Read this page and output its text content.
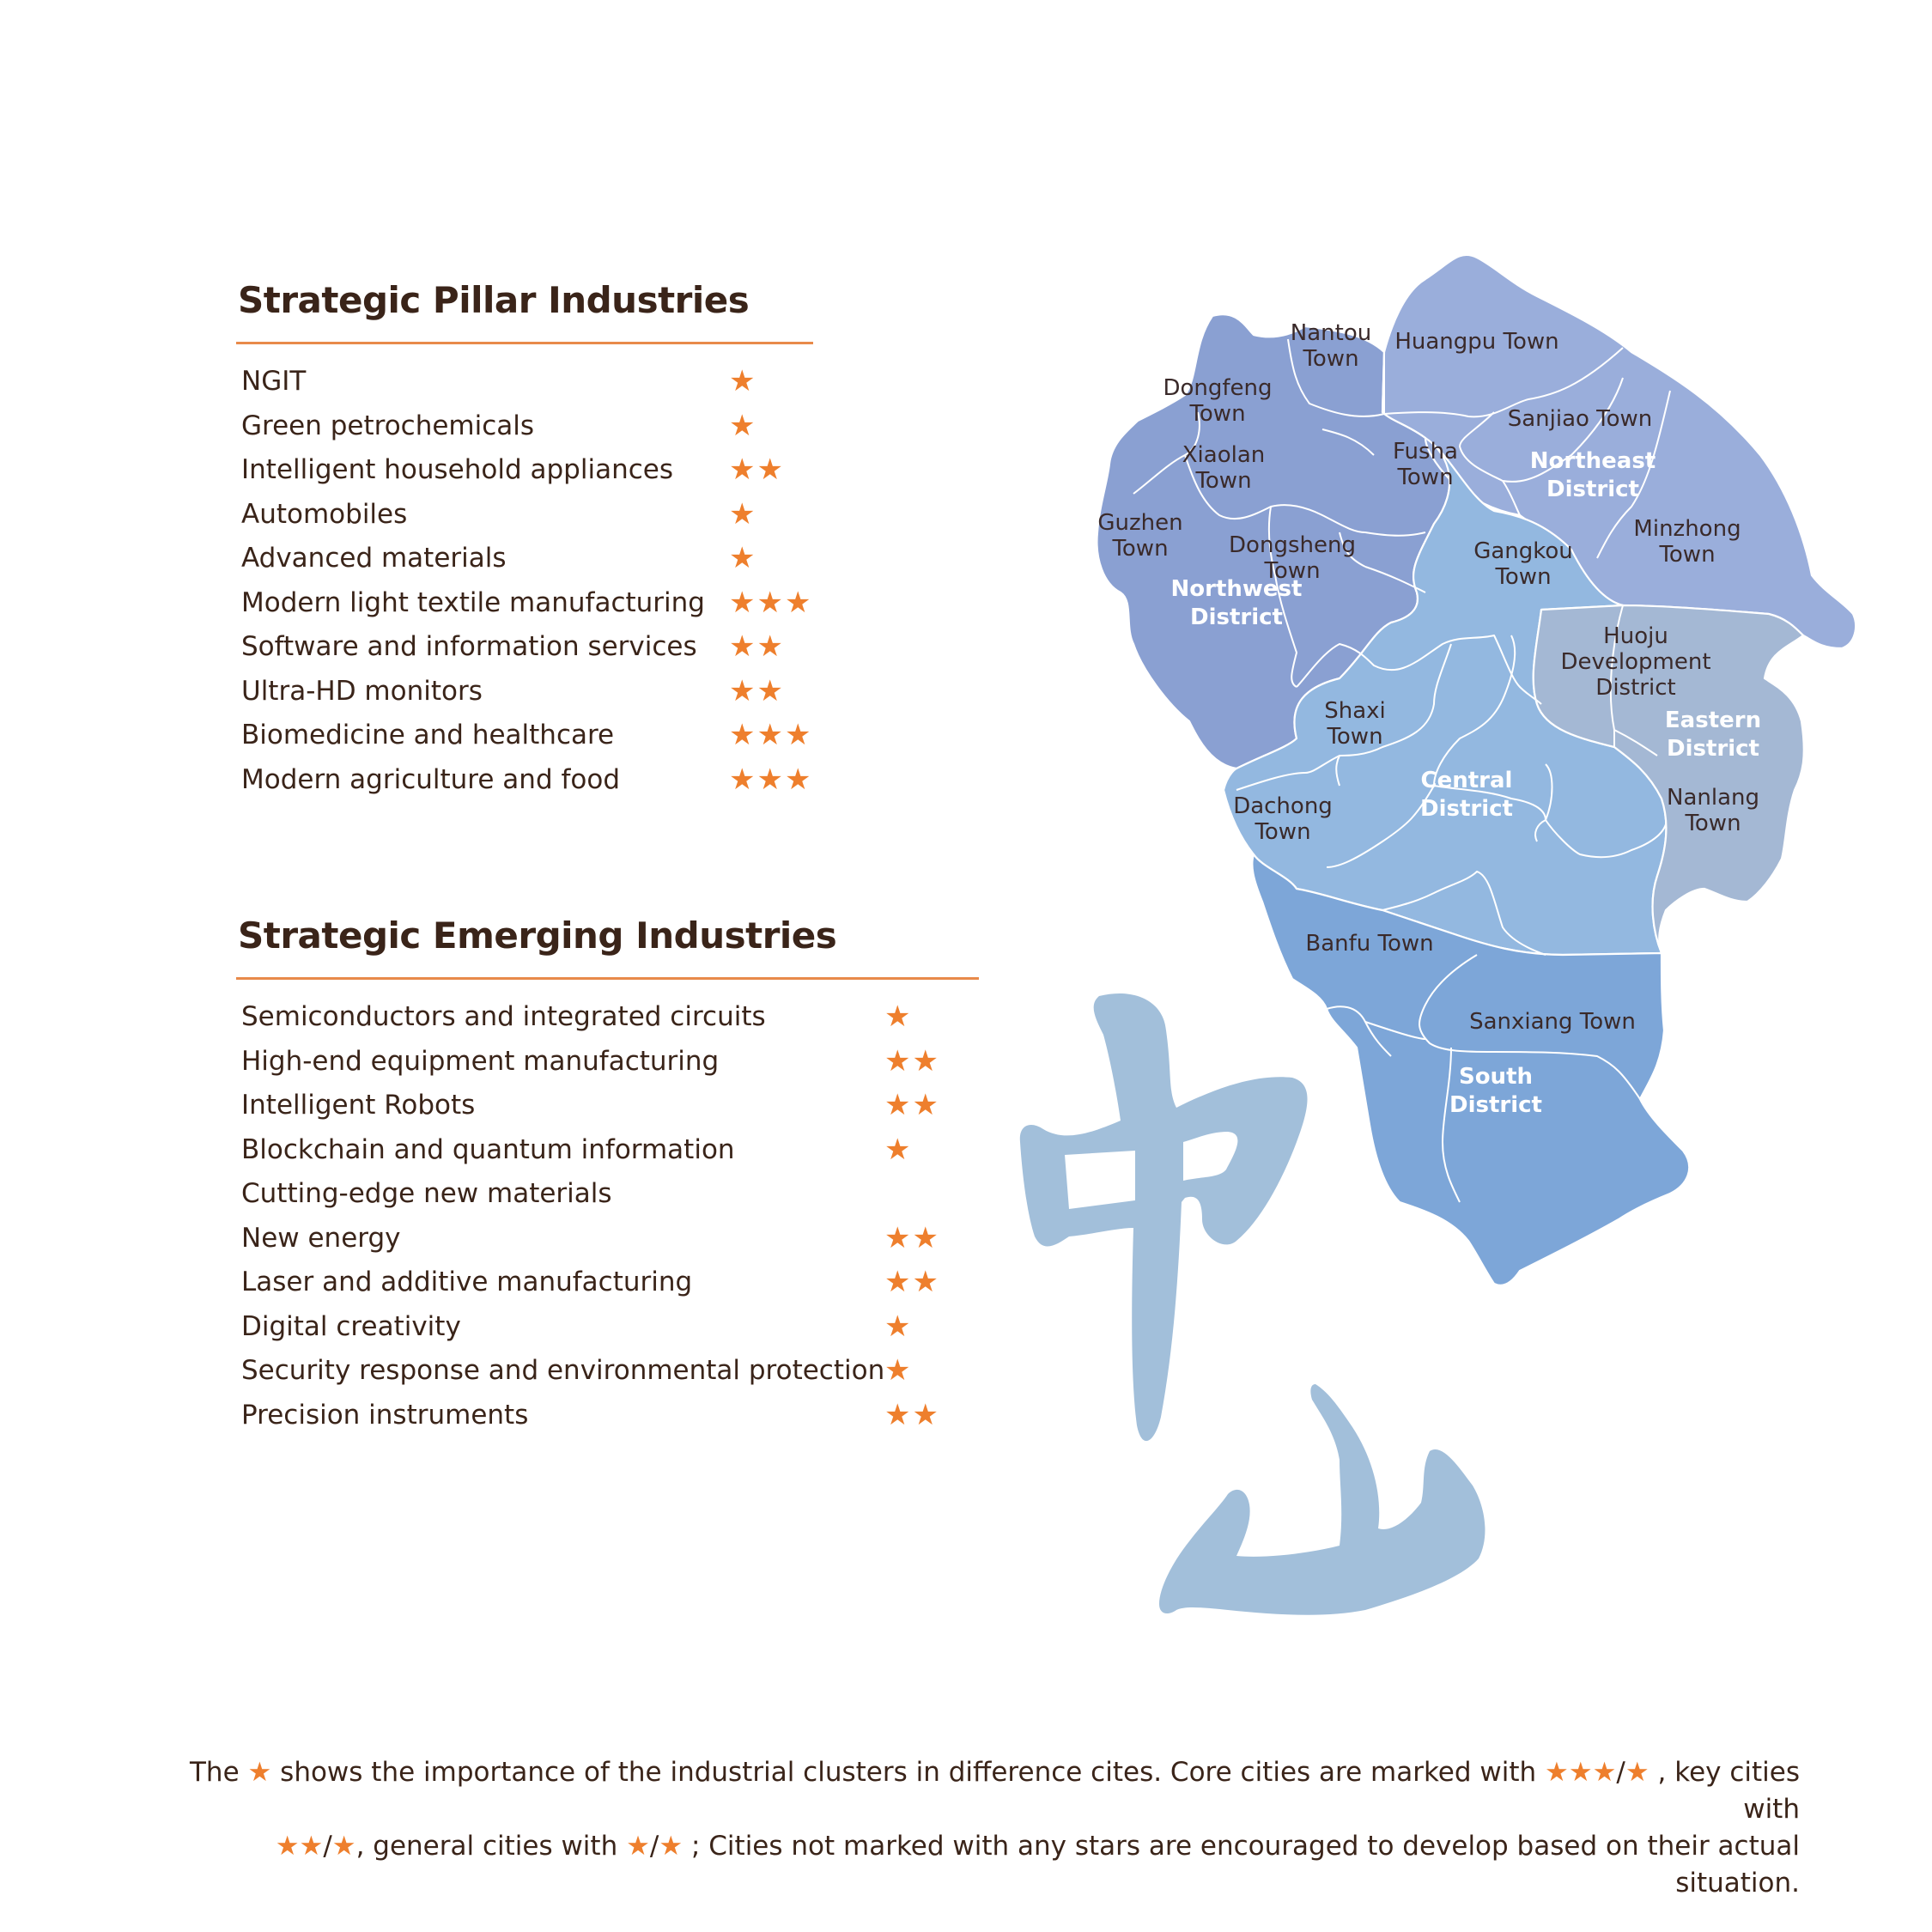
Nantou Town
Huangpu Town
Dongfeng Town	Sanjiao Town
Xiaolan Town
Fusha Town
Guzhen Town	Dongsheng Town
Gangkou Town
Minzhong Town
Huoju Development District
Shaxi Town
Dachong Town
Nanlang Town
Banfu Town
Sanxiang Town
Northeast District
Northwest District
Central District
Eastern District
South District
Strategic Pillar Industries
NGIT	★
Green petrochemicals	★
Intelligent household appliances ★★
Automobiles	★
Advanced materials	★
Modern light textile manufacturing ★★★
Software and information services ★★
Ultra-HD monitors	★★
Biomedicine and healthcare	★★★
Modern agriculture and food	★★★
Strategic Emerging Industries
Semiconductors and integrated circuits	★
High-end equipment manufacturing	★★
Intelligent Robots	★★
Blockchain and quantum information	★
Cutting-edge new materials
New energy	★★
Laser and additive manufacturing	★★
Digital creativity	★
Security response and environmental protection ★
Precision instruments	★★
The ★ shows the importance of the industrial clusters in difference cites. Core cities are marked with ★★★/★ , key cities with
★★/★, general cities with ★/★ ; Cities not marked with any stars are encouraged to develop based on their actual situation.
